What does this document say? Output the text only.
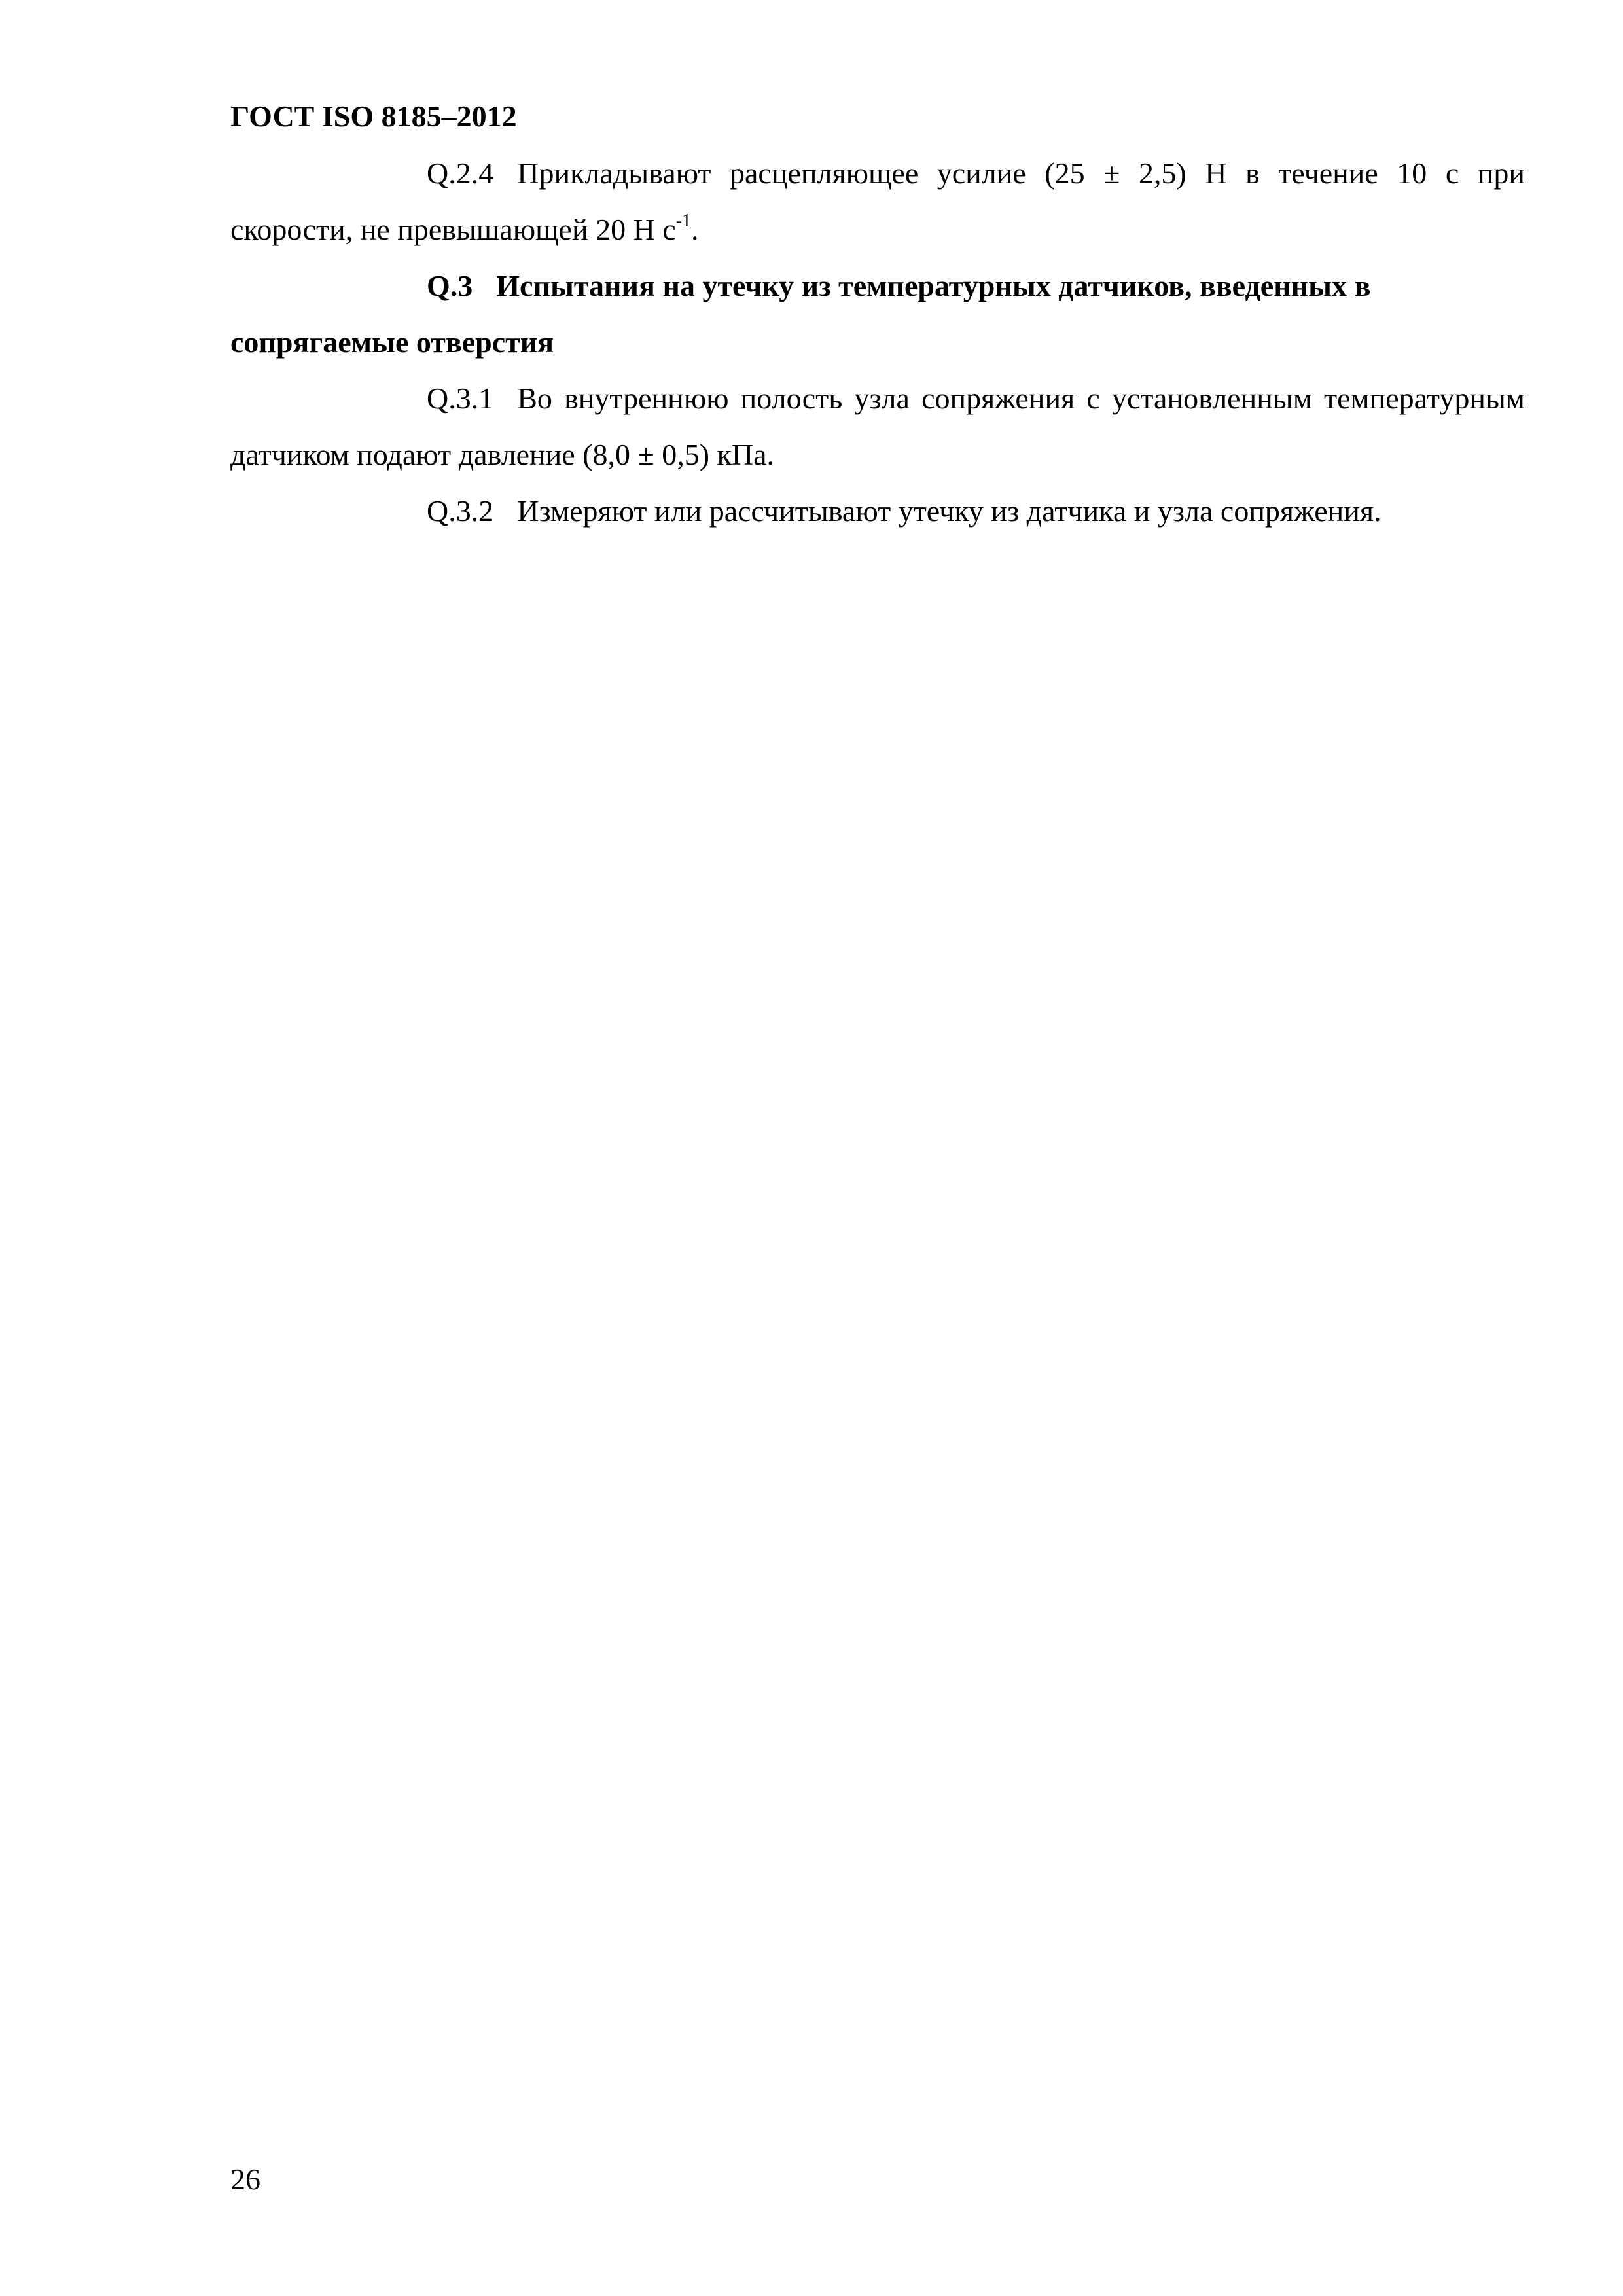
ГОСТ ISO 8185–2012

Q.2.4 Прикладывают расцепляющее усилие (25 ± 2,5) Н в течение 10 с при скорости, не превышающей 20 Н $с^{-1}$.

Q.3 Испытания на утечку из температурных датчиков, введенных в сопрягаемые отверстия

Q.3.1 Во внутреннюю полость узла сопряжения с установленным температурным датчиком подают давление (8,0 ± 0,5) кПа.

Q.3.2 Измеряют или рассчитывают утечку из датчика и узла сопряжения.

26
